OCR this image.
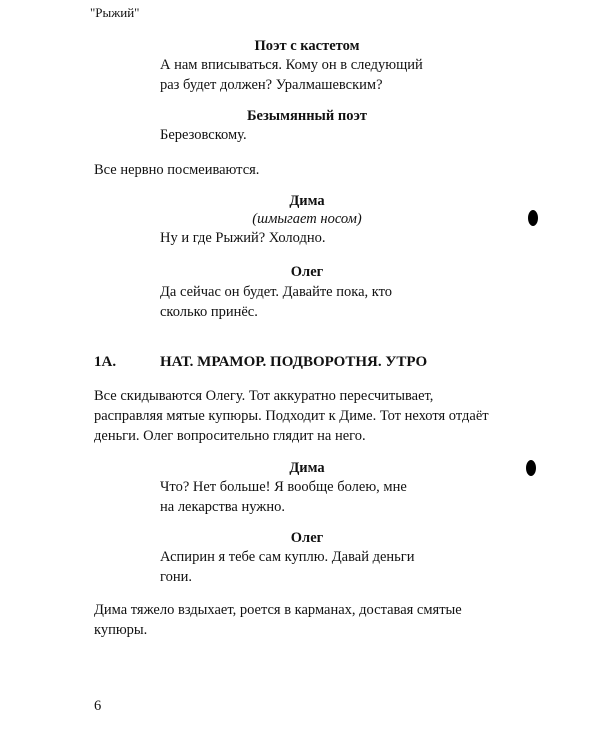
"Рыжий"
Поэт с кастетом
А нам вписываться. Кому он в следующий
раз будет должен? Уралмашевским?
Безымянный поэт
Березовскому.
Все нервно посмеиваются.
Дима
(шмыгает носом)
Ну и где Рыжий? Холодно.
Олег
Да сейчас он будет. Давайте пока, кто
сколько принёс.
1А.	НАТ. МРАМОР. ПОДВОРОТНЯ. УТРО
Все скидываются Олегу. Тот аккуратно пересчитывает,
расправляя мятые купюры. Подходит к Диме. Тот нехотя отдаёт
деньги. Олег вопросительно глядит на него.
Дима
Что? Нет больше! Я вообще болею, мне
на лекарства нужно.
Олег
Аспирин я тебе сам куплю. Давай деньги
гони.
Дима тяжело вздыхает, роется в карманах, доставая смятые
купюры.
6
